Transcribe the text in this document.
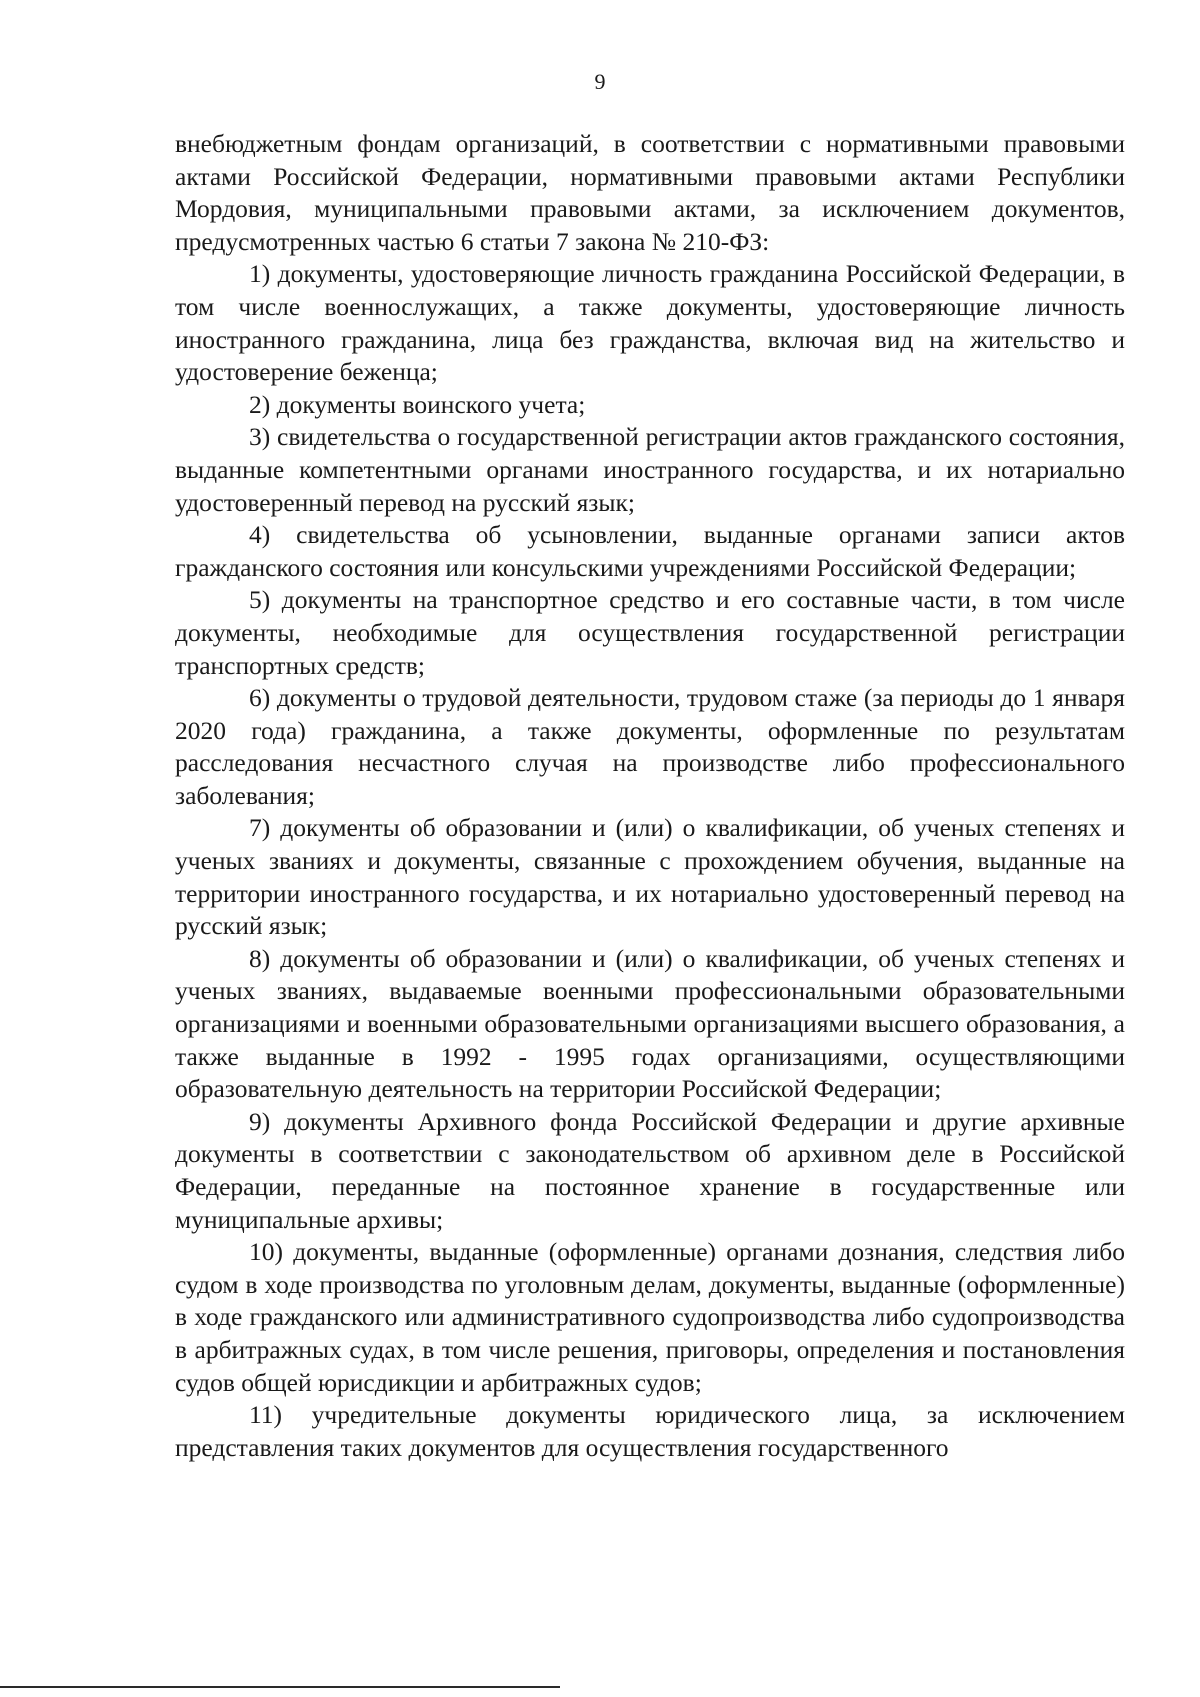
9

внебюджетным фондам организаций, в соответствии с нормативными правовыми актами Российской Федерации, нормативными правовыми актами Республики Мордовия, муниципальными правовыми актами, за исключением документов, предусмотренных частью 6 статьи 7 закона № 210-ФЗ:

1) документы, удостоверяющие личность гражданина Российской Федерации, в том числе военнослужащих, а также документы, удостоверяющие личность иностранного гражданина, лица без гражданства, включая вид на жительство и удостоверение беженца;

2) документы воинского учета;

3) свидетельства о государственной регистрации актов гражданского состояния, выданные компетентными органами иностранного государства, и их нотариально удостоверенный перевод на русский язык;

4) свидетельства об усыновлении, выданные органами записи актов гражданского состояния или консульскими учреждениями Российской Федерации;

5) документы на транспортное средство и его составные части, в том числе документы, необходимые для осуществления государственной регистрации транспортных средств;

6) документы о трудовой деятельности, трудовом стаже (за периоды до 1 января 2020 года) гражданина, а также документы, оформленные по результатам расследования несчастного случая на производстве либо профессионального заболевания;

7) документы об образовании и (или) о квалификации, об ученых степенях и ученых званиях и документы, связанные с прохождением обучения, выданные на территории иностранного государства, и их нотариально удостоверенный перевод на русский язык;

8) документы об образовании и (или) о квалификации, об ученых степенях и ученых званиях, выдаваемые военными профессиональными образовательными организациями и военными образовательными организациями высшего образования, а также выданные в 1992 - 1995 годах организациями, осуществляющими образовательную деятельность на территории Российской Федерации;

9) документы Архивного фонда Российской Федерации и другие архивные документы в соответствии с законодательством об архивном деле в Российской Федерации, переданные на постоянное хранение в государственные или муниципальные архивы;

10) документы, выданные (оформленные) органами дознания, следствия либо судом в ходе производства по уголовным делам, документы, выданные (оформленные) в ходе гражданского или административного судопроизводства либо судопроизводства в арбитражных судах, в том числе решения, приговоры, определения и постановления судов общей юрисдикции и арбитражных судов;

11) учредительные документы юридического лица, за исключением представления таких документов для осуществления государственного
